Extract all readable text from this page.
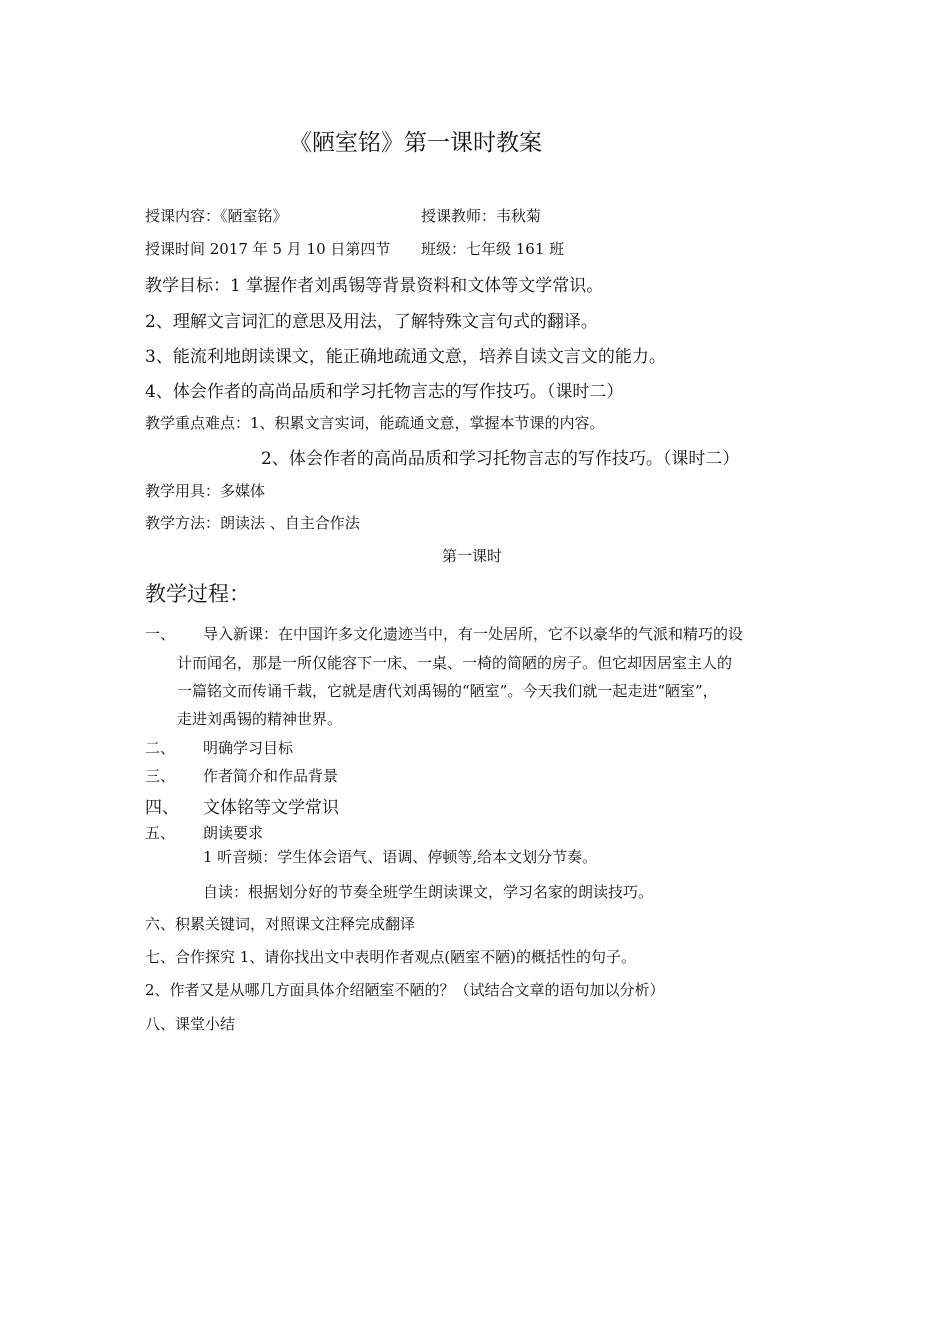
《陋室铭》第一课时教案
授课内容：《陋室铭》	授课教师：韦秋菊
授课时间 2017 年 5 月 10 日第四节 班级：七年级 161 班
教学目标：1 掌握作者刘禹锡等背景资料和文体等文学常识。
2、理解文言词汇的意思及用法，了解特殊文言句式的翻译。
3、能流利地朗读课文，能正确地疏通文意，培养自读文言文的能力。
4、体会作者的高尚品质和学习托物言志的写作技巧。（课时二）
教学重点难点：1、积累文言实词，能疏通文意，掌握本节课的内容。
2、体会作者的高尚品质和学习托物言志的写作技巧。（课时二）
教学用具：多媒体
教学方法：朗读法 、自主合作法
第一课时
教学过程：
一、 导入新课：在中国许多文化遗迹当中，有一处居所，它不以豪华的气派和精巧的设
计而闻名，那是一所仅能容下一床、一桌、一椅的简陋的房子。但它却因居室主人的
一篇铭文而传诵千载，它就是唐代刘禹锡的“陋室”。今天我们就一起走进“陋室”，
走进刘禹锡的精神世界。
二、 明确学习目标
三、 作者简介和作品背景
四、 文体铭等文学常识
五、 朗读要求
1 听音频：学生体会语气、语调、停顿等,给本文划分节奏。
自读：根据划分好的节奏全班学生朗读课文，学习名家的朗读技巧。
六、积累关键词，对照课文注释完成翻译
七、合作探究 1、请你找出文中表明作者观点(陋室不陋)的概括性的句子。
2、作者又是从哪几方面具体介绍陋室不陋的？（试结合文章的语句加以分析）
八、课堂小结
